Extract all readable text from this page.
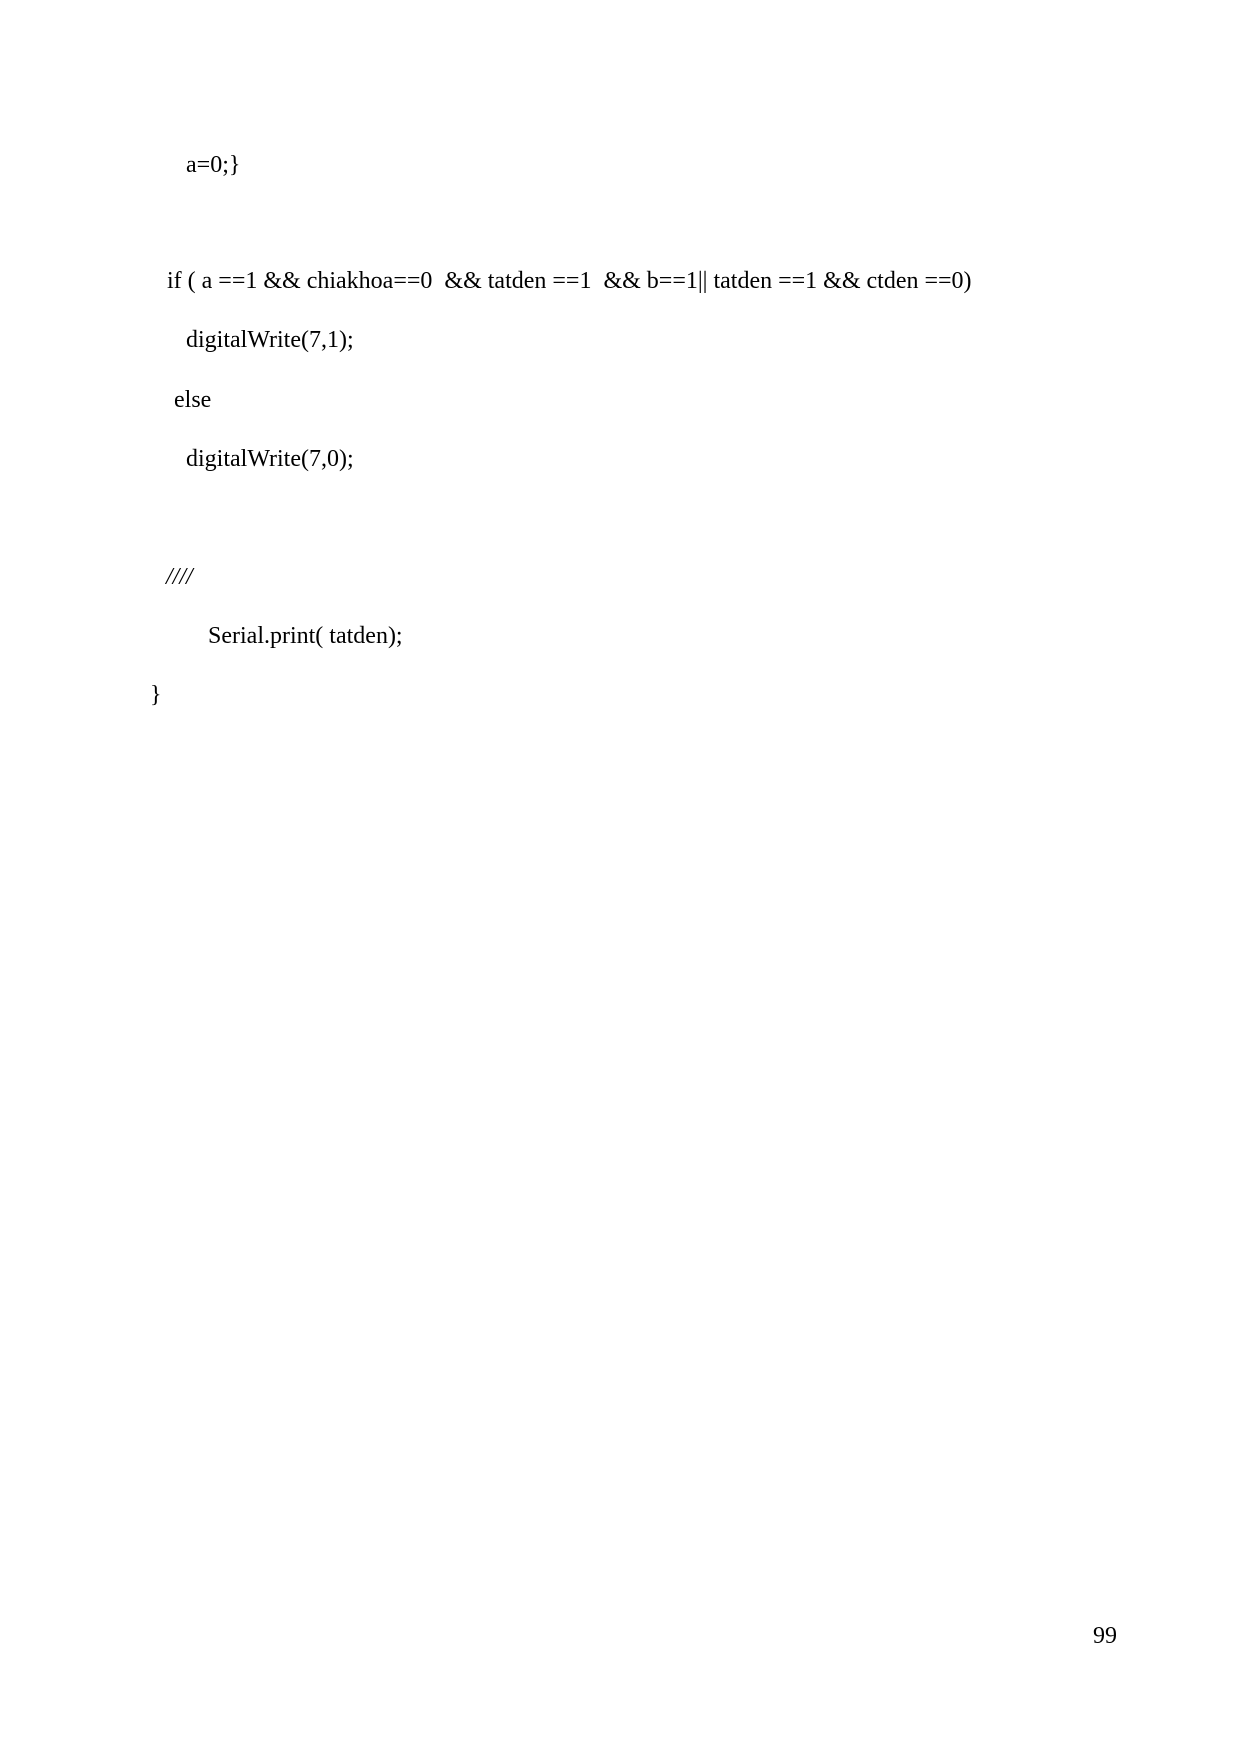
a=0;}

if ( a ==1 && chiakhoa==0  && tatden ==1  && b==1|| tatden ==1 && ctden ==0)

digitalWrite(7,1);

else

digitalWrite(7,0);

////

Serial.print( tatden);

}

99
